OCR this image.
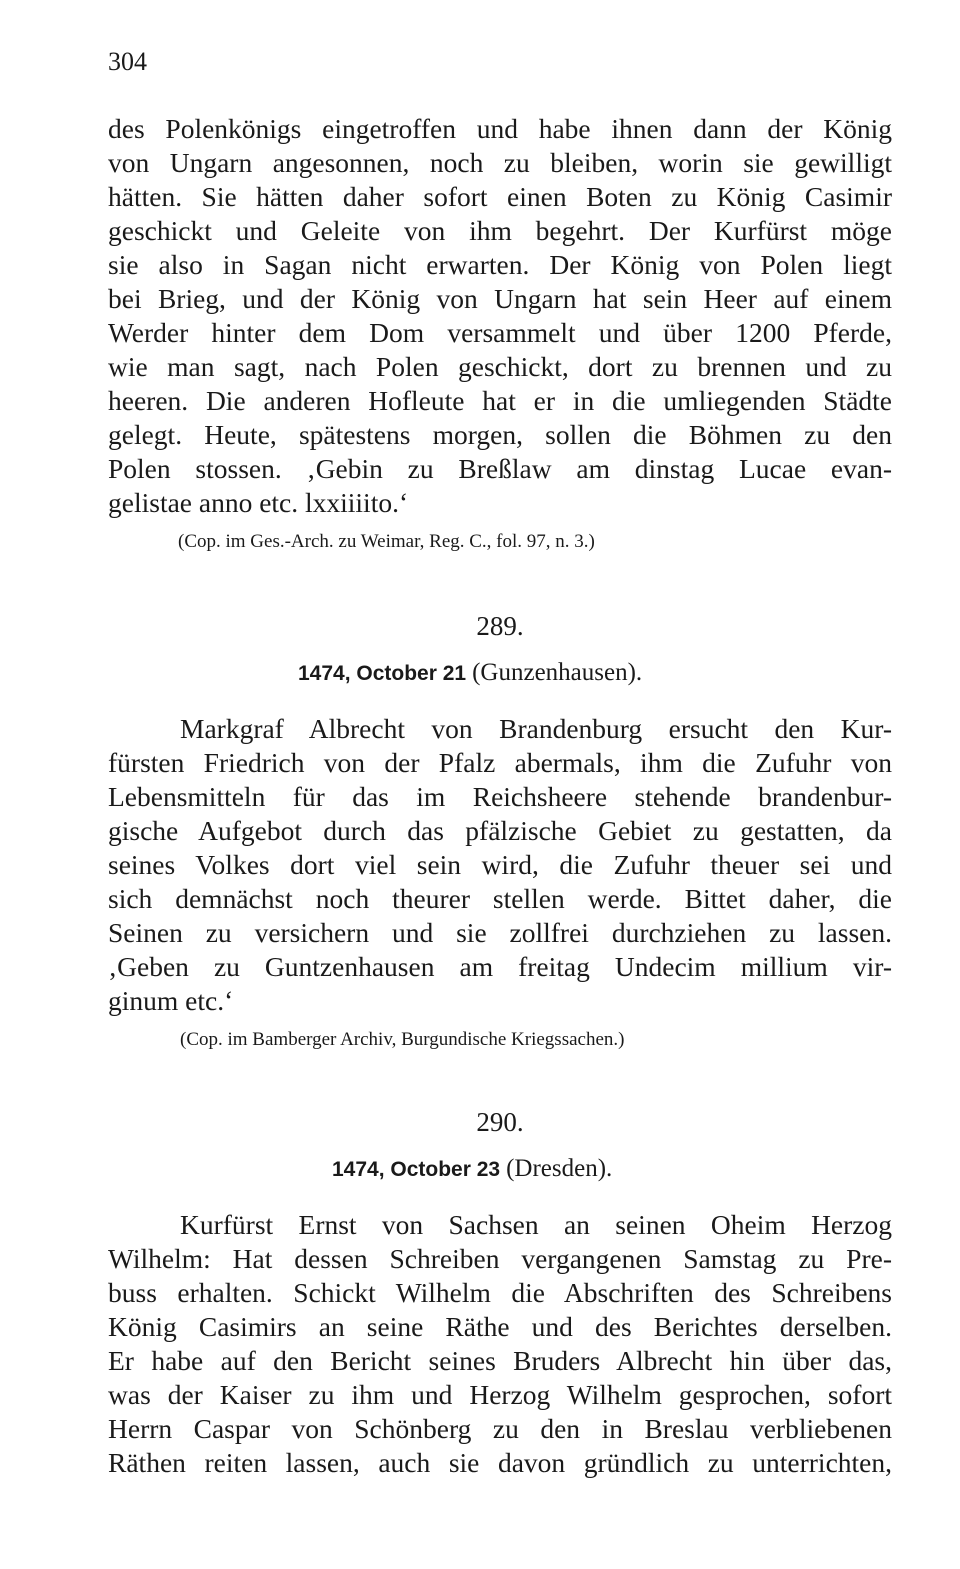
304
des Polenkönigs eingetroffen und habe ihnen dann der König
von Ungarn angesonnen, noch zu bleiben, worin sie gewilligt
hätten. Sie hätten daher sofort einen Boten zu König Casimir
geschickt und Geleite von ihm begehrt. Der Kurfürst möge
sie also in Sagan nicht erwarten. Der König von Polen liegt
bei Brieg, und der König von Ungarn hat sein Heer auf einem
Werder hinter dem Dom versammelt und über 1200 Pferde,
wie man sagt, nach Polen geschickt, dort zu brennen und zu
heeren. Die anderen Hofleute hat er in die umliegenden Städte
gelegt. Heute, spätestens morgen, sollen die Böhmen zu den
Polen stossen. ‚Gebin zu Breßlaw am dinstag Lucae evan-
gelistae anno etc. lxxiiiito.‘
(Cop. im Ges.-Arch. zu Weimar, Reg. C., fol. 97, n. 3.)
289.
1474, October 21 (Gunzenhausen).
Markgraf Albrecht von Brandenburg ersucht den Kur-
fürsten Friedrich von der Pfalz abermals, ihm die Zufuhr von
Lebensmitteln für das im Reichsheere stehende brandenbur-
gische Aufgebot durch das pfälzische Gebiet zu gestatten, da
seines Volkes dort viel sein wird, die Zufuhr theuer sei und
sich demnächst noch theurer stellen werde. Bittet daher, die
Seinen zu versichern und sie zollfrei durchziehen zu lassen.
‚Geben zu Guntzenhausen am freitag Undecim millium vir-
ginum etc.‘
(Cop. im Bamberger Archiv, Burgundische Kriegssachen.)
290.
1474, October 23 (Dresden).
Kurfürst Ernst von Sachsen an seinen Oheim Herzog
Wilhelm: Hat dessen Schreiben vergangenen Samstag zu Pre-
buss erhalten. Schickt Wilhelm die Abschriften des Schreibens
König Casimirs an seine Räthe und des Berichtes derselben.
Er habe auf den Bericht seines Bruders Albrecht hin über das,
was der Kaiser zu ihm und Herzog Wilhelm gesprochen, sofort
Herrn Caspar von Schönberg zu den in Breslau verbliebenen
Räthen reiten lassen, auch sie davon gründlich zu unterrichten,
